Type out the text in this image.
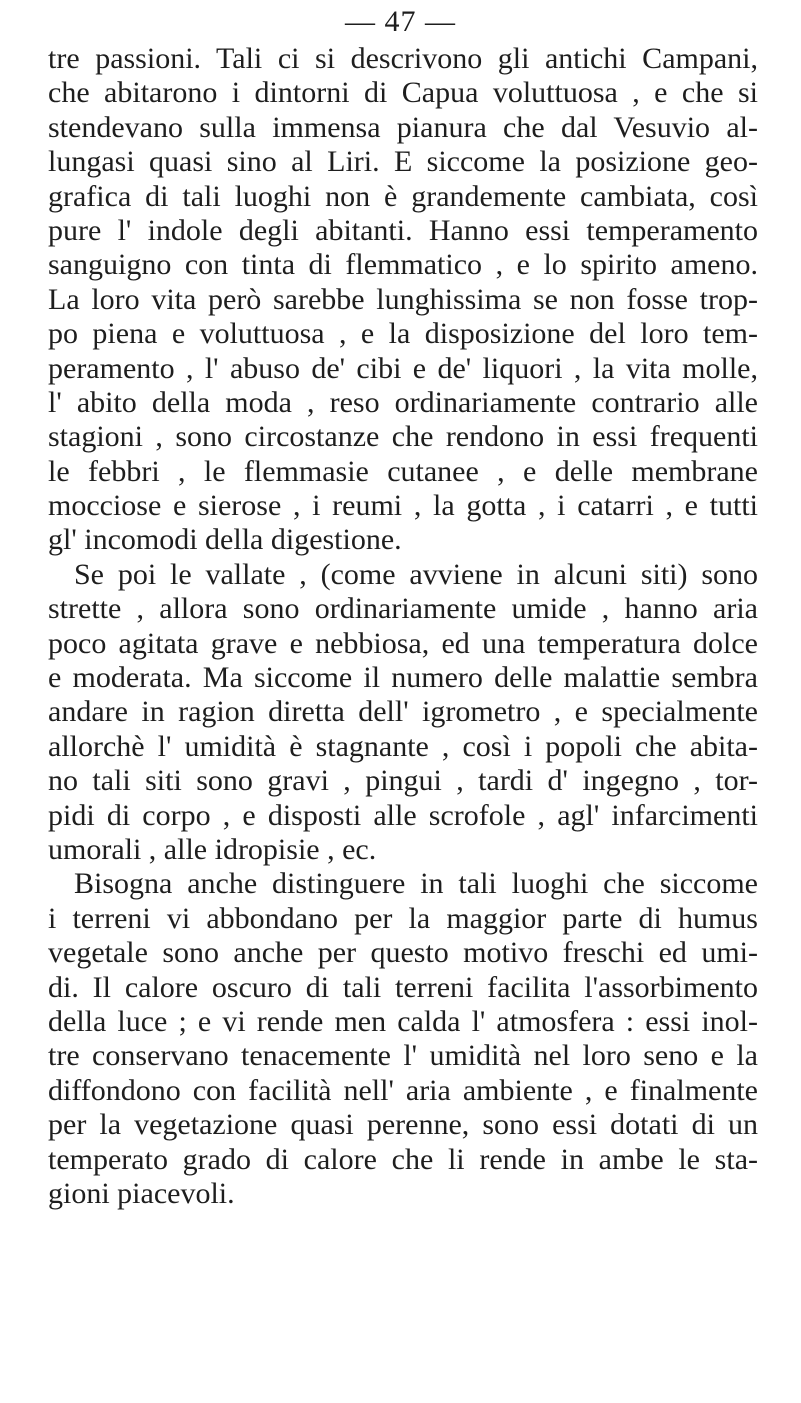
— 47 —
tre passioni. Tali ci si descrivono gli antichi Campani,
che abitarono i dintorni di Capua voluttuosa , e che si
stendevano sulla immensa pianura che dal Vesuvio al-
lungasi quasi sino al Liri. E siccome la posizione geo-
grafica di tali luoghi non è grandemente cambiata, così
pure l' indole degli abitanti. Hanno essi temperamento
sanguigno con tinta di flemmatico , e lo spirito ameno.
La loro vita però sarebbe lunghissima se non fosse trop-
po piena e voluttuosa , e la disposizione del loro tem-
peramento , l' abuso de' cibi e de' liquori , la vita molle,
l' abito della moda , reso ordinariamente contrario alle
stagioni , sono circostanze che rendono in essi frequenti
le febbri , le flemmasie cutanee , e delle membrane
mocciose e sierose , i reumi , la gotta , i catarri , e tutti
gl' incomodi della digestione.
Se poi le vallate , (come avviene in alcuni siti) sono
strette , allora sono ordinariamente umide , hanno aria
poco agitata grave e nebbiosa, ed una temperatura dolce
e moderata. Ma siccome il numero delle malattie sembra
andare in ragion diretta dell' igrometro , e specialmente
allorchè l' umidità è stagnante , così i popoli che abita-
no tali siti sono gravi , pingui , tardi d' ingegno , tor-
pidi di corpo , e disposti alle scrofole , agl' infarcimenti
umorali , alle idropisie , ec.
Bisogna anche distinguere in tali luoghi che siccome
i terreni vi abbondano per la maggior parte di humus
vegetale sono anche per questo motivo freschi ed umi-
di. Il calore oscuro di tali terreni facilita l'assorbimento
della luce ; e vi rende men calda l' atmosfera : essi inol-
tre conservano tenacemente l' umidità nel loro seno e la
diffondono con facilità nell' aria ambiente , e finalmente
per la vegetazione quasi perenne, sono essi dotati di un
temperato grado di calore che li rende in ambe le sta-
gioni piacevoli.
